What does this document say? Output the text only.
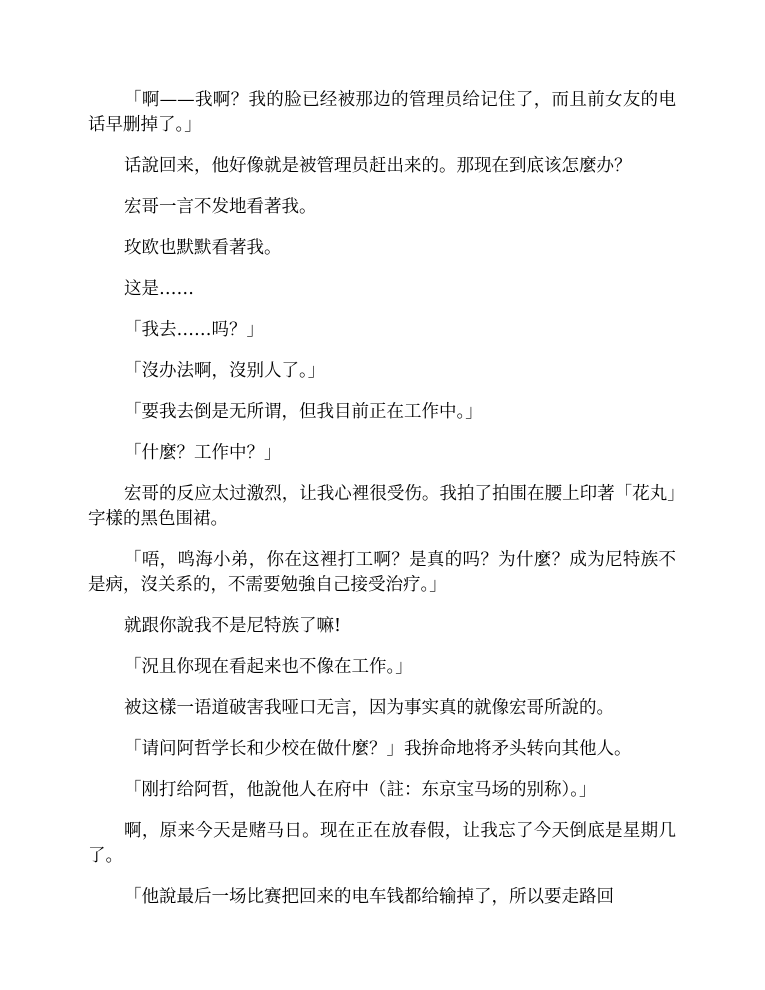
「啊——我啊？我的脸已经被那边的管理员给记住了，而且前女友的电话早删掉了。」

话說回来，他好像就是被管理员赶出来的。那现在到底该怎麼办？

宏哥一言不发地看著我。

玫欧也默默看著我。

这是……

「我去……吗？」

「沒办法啊，沒别人了。」

「要我去倒是无所谓，但我目前正在工作中。」

「什麼？工作中？」

宏哥的反应太过激烈，让我心裡很受伤。我拍了拍围在腰上印著「花丸」字樣的黑色围裙。

「唔，鸣海小弟，你在这裡打工啊？是真的吗？为什麼？成为尼特族不是病，沒关系的，不需要勉強自己接受治疗。」

就跟你說我不是尼特族了嘛!

「況且你现在看起来也不像在工作。」

被这樣一语道破害我哑口无言，因为事实真的就像宏哥所說的。

「请问阿哲学长和少校在做什麼？」我拚命地将矛头转向其他人。

「刚打给阿哲，他說他人在府中（註：东京宝马场的别称）。」

啊，原来今天是赌马日。现在正在放春假，让我忘了今天倒底是星期几了。

「他說最后一场比赛把回来的电车钱都给输掉了，所以要走路回
